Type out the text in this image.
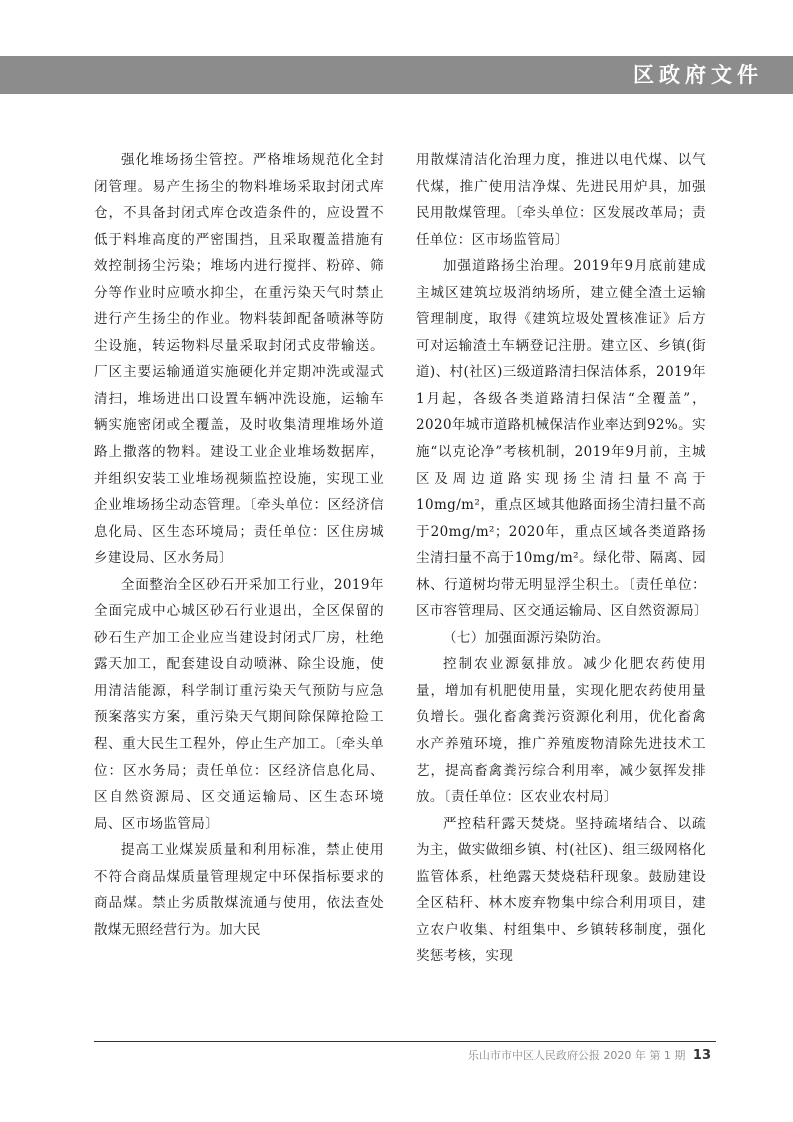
区政府文件

强化堆场扬尘管控。严格堆场规范化全封闭管理。易产生扬尘的物料堆场采取封闭式库仓，不具备封闭式库仓改造条件的，应设置不低于料堆高度的严密围挡，且采取覆盖措施有效控制扬尘污染；堆场内进行搅拌、粉碎、筛分等作业时应喷水抑尘，在重污染天气时禁止进行产生扬尘的作业。物料装卸配备喷淋等防尘设施，转运物料尽量采取封闭式皮带输送。厂区主要运输通道实施硬化并定期冲洗或湿式清扫，堆场进出口设置车辆冲洗设施，运输车辆实施密闭或全覆盖，及时收集清理堆场外道路上撒落的物料。建设工业企业堆场数据库，并组织安装工业堆场视频监控设施，实现工业企业堆场扬尘动态管理。〔牵头单位：区经济信息化局、区生态环境局；责任单位：区住房城乡建设局、区水务局〕

全面整治全区砂石开采加工行业，2019年全面完成中心城区砂石行业退出，全区保留的砂石生产加工企业应当建设封闭式厂房，杜绝露天加工，配套建设自动喷淋、除尘设施，使用清洁能源，科学制订重污染天气预防与应急预案落实方案，重污染天气期间除保障抢险工程、重大民生工程外，停止生产加工。〔牵头单位：区水务局；责任单位：区经济信息化局、区自然资源局、区交通运输局、区生态环境局、区市场监管局〕

提高工业煤炭质量和利用标准，禁止使用不符合商品煤质量管理规定中环保指标要求的商品煤。禁止劣质散煤流通与使用，依法查处散煤无照经营行为。加大民

用散煤清洁化治理力度，推进以电代煤、以气代煤，推广使用洁净煤、先进民用炉具，加强民用散煤管理。〔牵头单位：区发展改革局；责任单位：区市场监管局〕

加强道路扬尘治理。2019年9月底前建成主城区建筑垃圾消纳场所，建立健全渣土运输管理制度，取得《建筑垃圾处置核准证》后方可对运输渣土车辆登记注册。建立区、乡镇(街道)、村(社区)三级道路清扫保洁体系，2019年1月起，各级各类道路清扫保洁“全覆盖”，2020年城市道路机械保洁作业率达到92%。实施“以克论净”考核机制，2019年9月前，主城区及周边道路实现扬尘清扫量不高于10mg/m²，重点区域其他路面扬尘清扫量不高于20mg/m²；2020年，重点区域各类道路扬尘清扫量不高于10mg/m²。绿化带、隔离、园林、行道树均带无明显浮尘积土。〔责任单位：区市容管理局、区交通运输局、区自然资源局〕

（七）加强面源污染防治。

控制农业源氨排放。减少化肥农药使用量，增加有机肥使用量，实现化肥农药使用量负增长。强化畜禽粪污资源化利用，优化畜禽水产养殖环境，推广养殖废物清除先进技术工艺，提高畜禽粪污综合利用率，减少氨挥发排放。〔责任单位：区农业农村局〕

严控秸秆露天焚烧。坚持疏堵结合、以疏为主，做实做细乡镇、村(社区)、组三级网格化监管体系，杜绝露天焚烧秸秆现象。鼓励建设全区秸秆、林木废弃物集中综合利用项目，建立农户收集、村组集中、乡镇转移制度，强化奖惩考核，实现

乐山市市中区人民政府公报 2020 年 第 1 期 13
